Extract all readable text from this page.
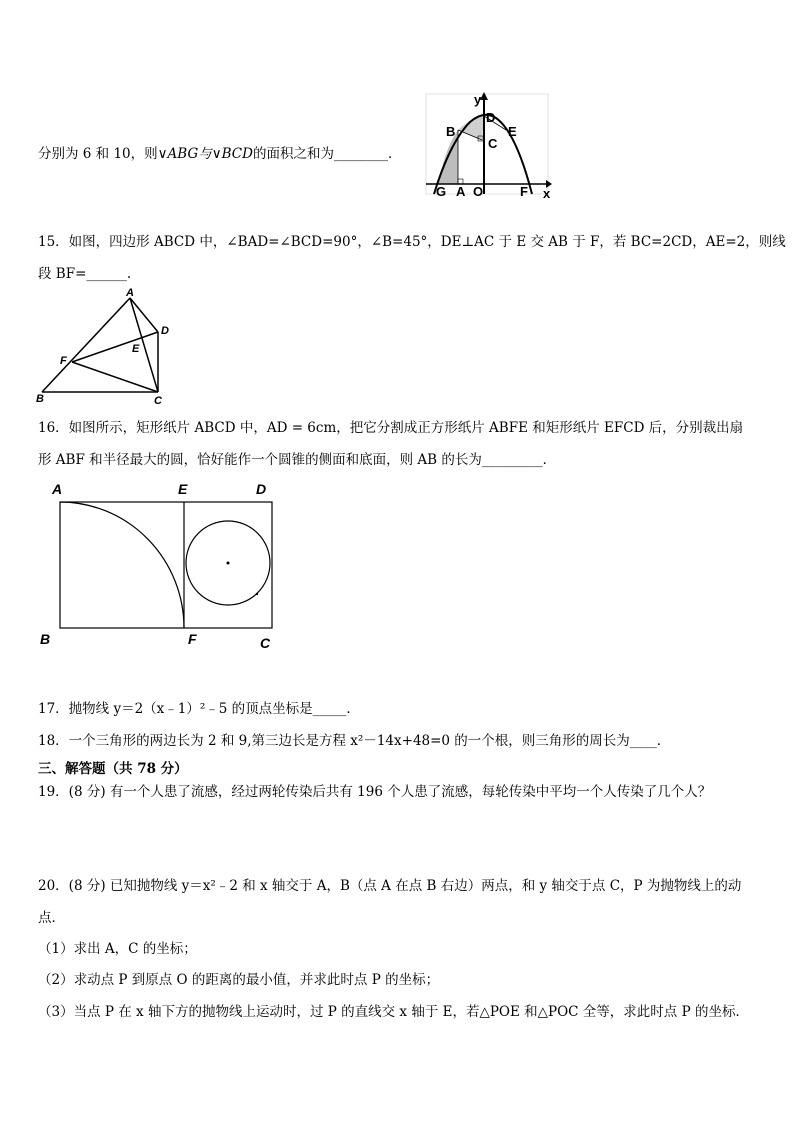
分别为 6 和 10，则∨ABG与∨BCD的面积之和为________．
y
D
B	E
C
G A O	F x
15．如图，四边形 ABCD 中，∠BAD=∠BCD=90°，∠B=45°，DE⊥AC 于 E 交 AB 于 F，若 BC=2CD，AE=2，则线
段 BF=______.
A
D
F
E
B	C
16．如图所示，矩形纸片 ABCD 中，AD = 6cm，把它分割成正方形纸片 ABFE 和矩形纸片 EFCD 后，分别裁出扇
形 ABF 和半径最大的圆，恰好能作一个圆锥的侧面和底面，则 AB 的长为_________．
A	E	D
B	F	C
17．抛物线 y＝2（x﹣1）²﹣5 的顶点坐标是_____．
18．一个三角形的两边长为 2 和 9,第三边长是方程 x²－14x+48=0 的一个根，则三角形的周长为____．
三、解答题（共 78 分）
19．(8 分) 有一个人患了流感，经过两轮传染后共有 196 个人患了流感，每轮传染中平均一个人传染了几个人？
20．(8 分) 已知抛物线 y＝x²﹣2 和 x 轴交于 A，B（点 A 在点 B 右边）两点，和 y 轴交于点 C，P 为抛物线上的动
点．
（1）求出 A，C 的坐标；
（2）求动点 P 到原点 O 的距离的最小值，并求此时点 P 的坐标；
（3）当点 P 在 x 轴下方的抛物线上运动时，过 P 的直线交 x 轴于 E，若△POE 和△POC 全等，求此时点 P 的坐标．
